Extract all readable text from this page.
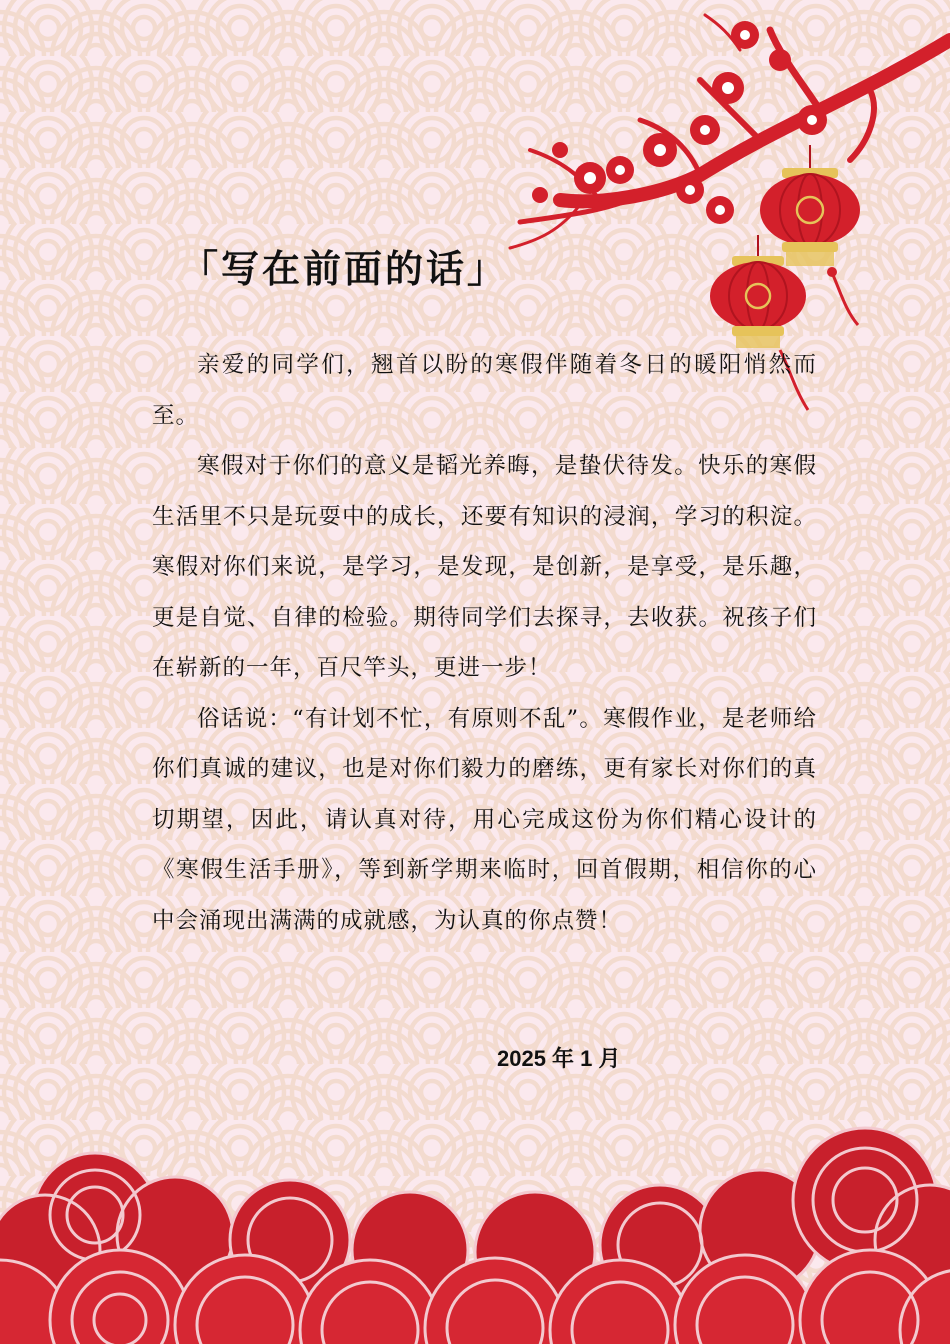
「写在前面的话」

亲爱的同学们，翘首以盼的寒假伴随着冬日的暖阳悄然而至。

寒假对于你们的意义是韬光养晦，是蛰伏待发。快乐的寒假生活里不只是玩耍中的成长，还要有知识的浸润，学习的积淀。寒假对你们来说，是学习，是发现，是创新，是享受，是乐趣，更是自觉、自律的检验。期待同学们去探寻，去收获。祝孩子们在崭新的一年，百尺竿头，更进一步！

俗话说：“有计划不忙，有原则不乱”。寒假作业，是老师给你们真诚的建议，也是对你们毅力的磨练，更有家长对你们的真切期望，因此，请认真对待，用心完成这份为你们精心设计的《寒假生活手册》，等到新学期来临时，回首假期，相信你的心中会涌现出满满的成就感，为认真的你点赞！

2025 年 1 月
